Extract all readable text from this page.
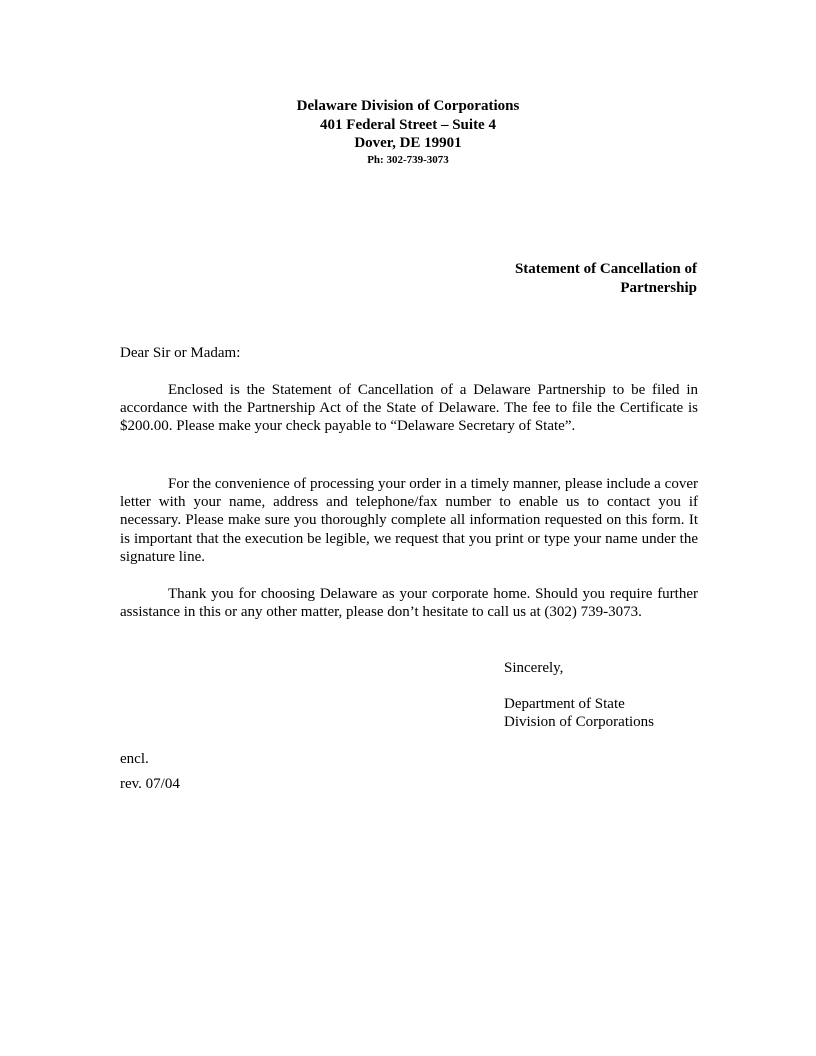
Delaware Division of Corporations
401 Federal Street – Suite 4
Dover, DE 19901
Ph: 302-739-3073
Statement of Cancellation of
Partnership
Dear Sir or Madam:

Enclosed is the Statement of Cancellation of a Delaware Partnership to be filed in accordance with the Partnership Act of the State of Delaware. The fee to file the Certificate is $200.00. Please make your check payable to “Delaware Secretary of State”.

For the convenience of processing your order in a timely manner, please include a cover letter with your name, address and telephone/fax number to enable us to contact you if necessary. Please make sure you thoroughly complete all information requested on this form. It is important that the execution be legible, we request that you print or type your name under the signature line.

Thank you for choosing Delaware as your corporate home. Should you require further assistance in this or any other matter, please don’t hesitate to call us at (302) 739-3073.

Sincerely,
Department of State
Division of Corporations
encl.
rev. 07/04
